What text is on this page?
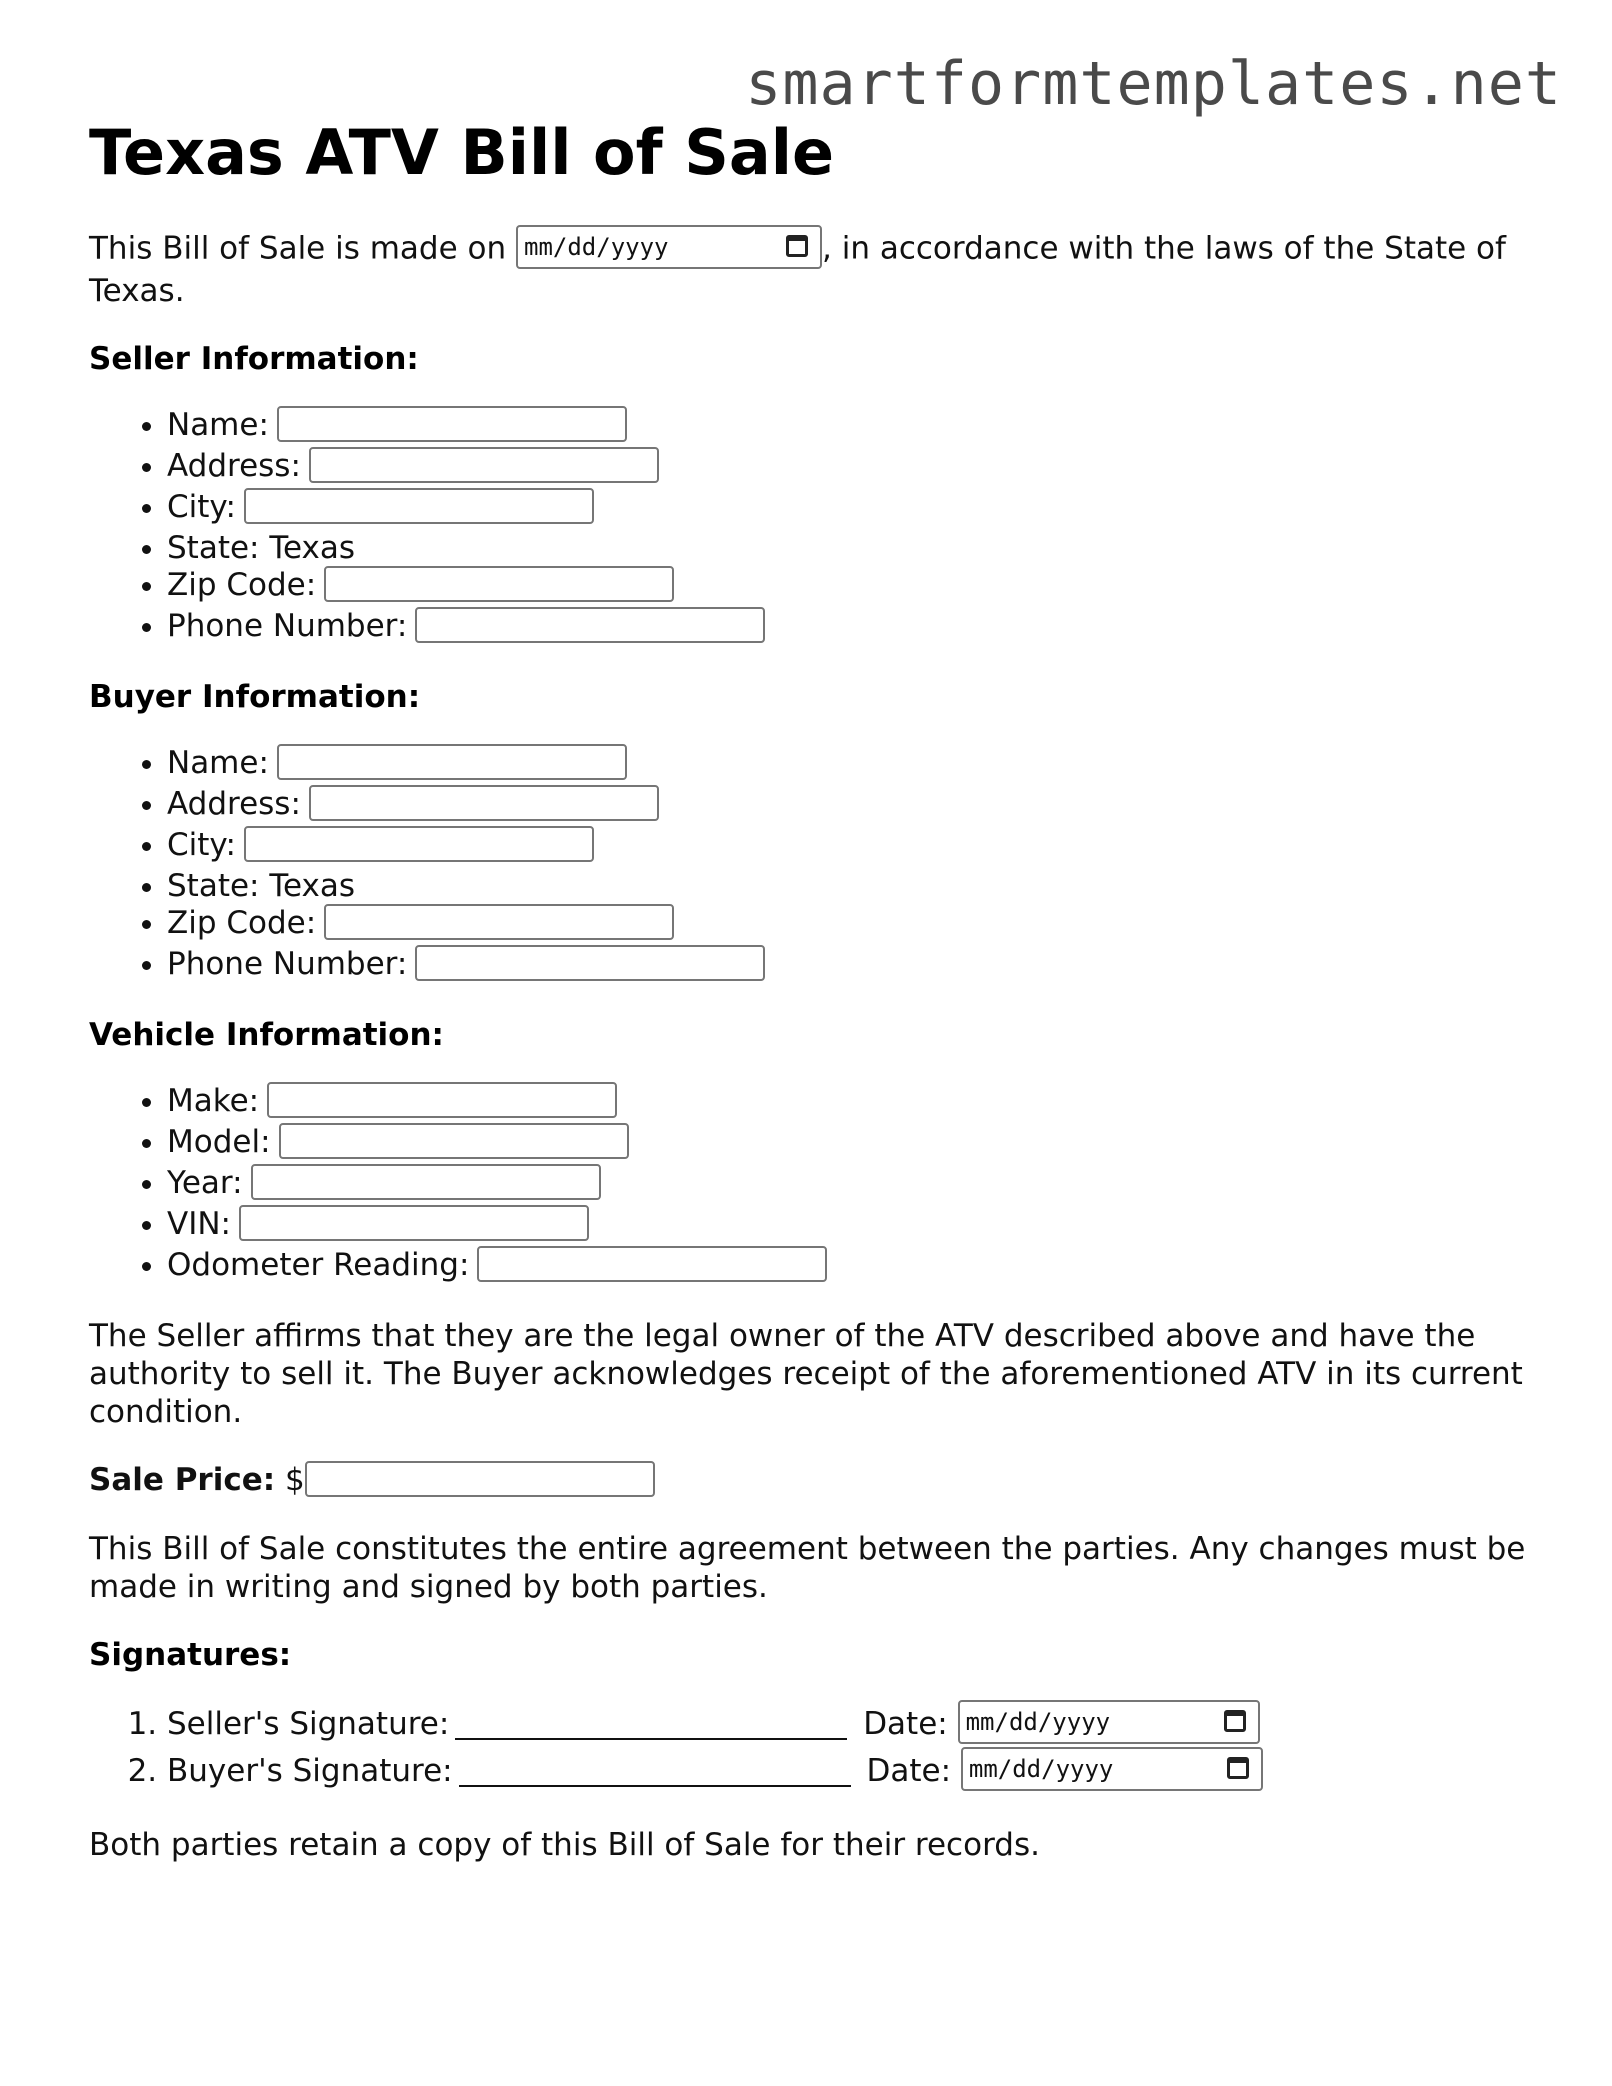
smartformtemplates.net
Texas ATV Bill of Sale

This Bill of Sale is made on mm/dd/yyyy	, in accordance with the laws of the State of Texas.

Seller Information:
• Name:
• Address:
• City:
• State: Texas
• Zip Code:
• Phone Number:
Buyer Information:
• Name:
• Address:
• City:
• State: Texas
• Zip Code:
• Phone Number:
Vehicle Information:
• Make:
• Model:
• Year:
• VIN:
• Odometer Reading:

The Seller affirms that they are the legal owner of the ATV described above and have the authority to sell it. The Buyer acknowledges receipt of the aforementioned ATV in its current condition.

Sale Price: $

This Bill of Sale constitutes the entire agreement between the parties. Any changes must be made in writing and signed by both parties.

Signatures:
1. Seller's Signature:	Date: mm/dd/yyyy
2. Buyer's Signature:	Date: mm/dd/yyyy

Both parties retain a copy of this Bill of Sale for their records.
